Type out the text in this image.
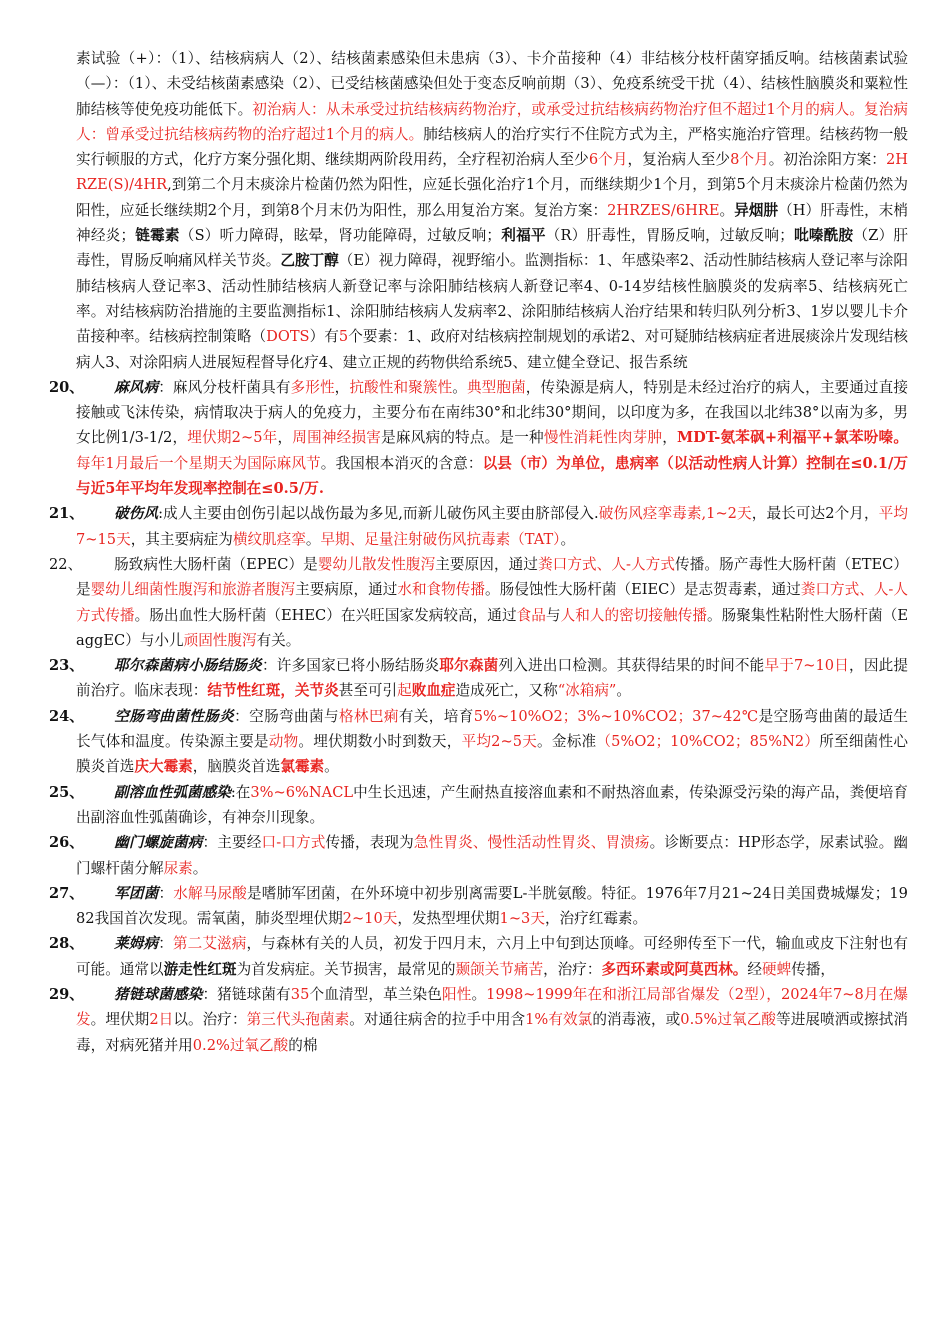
素试验（+）：（1）、结核病病人（2）、结核菌素感染但未患病（3）、卡介苗接种（4）非结核分枝杆菌穿插反响。结核菌素试验（—）：（1）、未受结核菌素感染（2）、已受结核菌感染但处于变态反响前期（3）、免疫系统受干扰（4）、结核性脑膜炎和粟粒性肺结核等使免疫功能低下。初治病人：从未承受过抗结核病药物治疗，或承受过抗结核病药物治疗但不超过1个月的病人。复治病人：曾承受过抗结核病药物的治疗超过1个月的病人。肺结核病人的治疗实行不住院方式为主，严格实施治疗管理。结核药物一般实行顿服的方式，化疗方案分强化期、继续期两阶段用药，全疗程初治病人至少6个月，复治病人至少8个月。初治涂阳方案：2HRZE(S)/4HR,到第二个月末痰涂片检菌仍然为阳性，应延长强化治疗1个月，而继续期少1个月，到第5个月末痰涂片检菌仍然为阳性，应延长继续期2个月，到第8个月末仍为阳性，那么用复治方案。复治方案：2HRZES/6HRE。异烟肼（H）肝毒性，末梢神经炎；链霉素（S）听力障碍，眩晕，肾功能障碍，过敏反响；利福平（R）肝毒性，胃肠反响，过敏反响；吡嗪酰胺（Z）肝毒性，胃肠反响痛风样关节炎。乙胺丁醇（E）视力障碍，视野缩小。监测指标：1、年感染率2、活动性肺结核病人登记率与涂阳肺结核病人登记率3、活动性肺结核病人新登记率与涂阳肺结核病人新登记率4、0-14岁结核性脑膜炎的发病率5、结核病死亡率。对结核病防治措施的主要监测指标1、涂阳肺结核病人发病率2、涂阳肺结核病人治疗结果和转归队列分析3、1岁以婴儿卡介苗接种率。结核病控制策略（DOTS）有5个要素：1、政府对结核病控制规划的承诺2、对可疑肺结核病症者进展痰涂片发现结核病人3、对涂阳病人进展短程督导化疗4、建立正规的药物供给系统5、建立健全登记、报告系统

20、	麻风病：麻风分枝杆菌具有多形性，抗酸性和聚簇性。典型胞菌，传染源是病人，特别是未经过治疗的病人，主要通过直接接触或飞沫传染，病情取决于病人的免疫力，主要分布在南纬30°和北纬30°期间，以印度为多，在我国以北纬38°以南为多，男女比例1/3-1/2，埋伏期2~5年，周围神经损害是麻风病的特点。是一种慢性消耗性肉芽肿，MDT-氨苯砜+利福平+氯苯吩嗪。每年1月最后一个星期天为国际麻风节。我国根本消灭的含意：以县（市）为单位，患病率（以活动性病人计算）控制在≤0.1/万与近5年平均年发现率控制在≤0.5/万.

21、	破伤风:成人主要由创伤引起以战伤最为多见,而新儿破伤风主要由脐部侵入.破伤风痉挛毒素,1~2天，最长可达2个月，平均7~15天，其主要病症为横纹肌痉挛。早期、足量注射破伤风抗毒素（TAT）。

22、	肠致病性大肠杆菌（EPEC）是婴幼儿散发性腹泻主要原因，通过粪口方式、人-人方式传播。肠产毒性大肠杆菌（ETEC）是婴幼儿细菌性腹泻和旅游者腹泻主要病原，通过水和食物传播。肠侵蚀性大肠杆菌（EIEC）是志贺毒素，通过粪口方式、人-人方式传播。肠出血性大肠杆菌（EHEC）在兴旺国家发病较高，通过食品与人和人的密切接触传播。肠聚集性粘附性大肠杆菌（EaggEC）与小儿顽固性腹泻有关。

23、	耶尔森菌病小肠结肠炎：许多国家已将小肠结肠炎耶尔森菌列入进出口检测。其获得结果的时间不能早于7~10日，因此提前治疗。临床表现：结节性红斑，关节炎甚至可引起败血症造成死亡，又称“冰箱病”。

24、	空肠弯曲菌性肠炎：空肠弯曲菌与格林巴痢有关，培育5%~10%O2；3%~10%CO2；37~42℃是空肠弯曲菌的最适生长气体和温度。传染源主要是动物。埋伏期数小时到数天，平均2~5天。金标准（5%O2；10%CO2；85%N2）所至细菌性心膜炎首选庆大霉素，脑膜炎首选氯霉素。

25、	副溶血性弧菌感染:在3%~6%NACL中生长迅速，产生耐热直接溶血素和不耐热溶血素，传染源受污染的海产品，粪便培育出副溶血性弧菌确诊，有神奈川现象。

26、	幽门螺旋菌病：主要经口-口方式传播，表现为急性胃炎、慢性活动性胃炎、胃溃疡。诊断要点：HP形态学，尿素试验。幽门螺杆菌分解尿素。

27、	军团菌：水解马尿酸是嗜肺军团菌，在外环境中初步别离需要L-半胱氨酸。特征。1976年7月21~24日美国费城爆发；1982我国首次发现。需氧菌，肺炎型埋伏期2~10天，发热型埋伏期1~3天，治疗红霉素。

28、	莱姆病：第二艾滋病，与森林有关的人员，初发于四月末，六月上中旬到达顶峰。可经卵传至下一代，输血或皮下注射也有可能。通常以游走性红斑为首发病症。关节损害，最常见的颞颌关节痛苦，治疗：多西环素或阿莫西林。经硬蜱传播，

29、	猪链球菌感染：猪链球菌有35个血清型，革兰染色阳性。1998~1999年在和浙江局部省爆发（2型），2024年7~8月在爆发。埋伏期2日以。治疗：第三代头孢菌素。对通往病舍的拉手中用含1%有效氯的消毒液，或0.5%过氧乙酸等进展喷洒或擦拭消毒，对病死猪并用0.2%过氧乙酸的棉
